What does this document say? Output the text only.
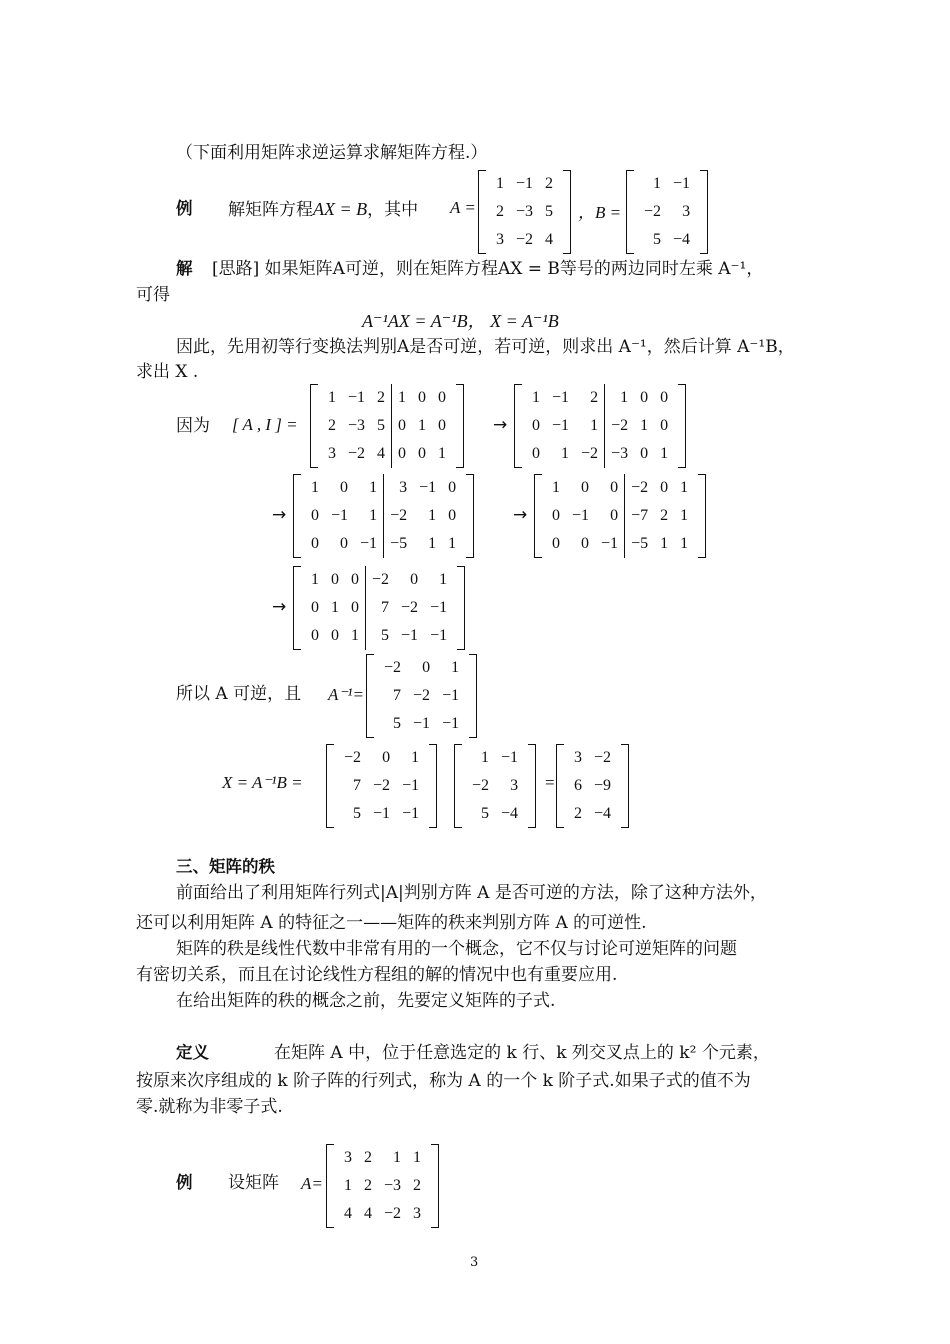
（下面利用矩阵求逆运算求解矩阵方程.）
例 解矩阵方程AX = B，其中 A =
1 −1 2
2 −3 5
3 −2 4
，B =
1 −1
−2	3
5 −4
解 [思路] 如果矩阵A可逆，则在矩阵方程AX = B等号的两边同时左乘 A⁻¹，
可得
A⁻¹AX = A⁻¹B， X = A⁻¹B
因此，先用初等行变换法判别A是否可逆，若可逆，则求出 A⁻¹，然后计算 A⁻¹B，
求出 X .
因为 [ A , I ] =
1 −1 2 1 0 0
2 −3 5 0 1 0
3 −2 4 0 0 1
→
1 −1	2	1 0 0
0 −1	1 −2 1 0
0	1 −2 −3 0 1
→
1	0	1	3 −1 0
0 −1	1 −2	1 0
0	0 −1 −5	1 1
→
1	0	0 −2 0 1
0 −1	0 −7 2 1
0	0 −1 −5 1 1
→
1 0 0 −2	0	1
0 1 0	7 −2 −1
0 0 1	5 −1 −1
所以 A 可逆，且 A⁻¹=
−2	0	1
7 −2 −1
5 −1 −1
X = A⁻¹B =
−2	0	1
7 −2 −1
5 −1 −1
1 −1
−2	3
5 −4
=
3 −2
6 −9
2 −4
三、矩阵的秩
前面给出了利用矩阵行列式|A|判别方阵 A 是否可逆的方法，除了这种方法外，
还可以利用矩阵 A 的特征之一——矩阵的秩来判别方阵 A 的可逆性.
矩阵的秩是线性代数中非常有用的一个概念，它不仅与讨论可逆矩阵的问题
有密切关系，而且在讨论线性方程组的解的情况中也有重要应用.
在给出矩阵的秩的概念之前，先要定义矩阵的子式.
定义	在矩阵 A 中，位于任意选定的 k 行、k 列交叉点上的 k² 个元素，
按原来次序组成的 k 阶子阵的行列式，称为 A 的一个 k 阶子式.如果子式的值不为
零.就称为非零子式.
例 设矩阵 A=
3 2	1 1
1 2 −3 2
4 4 −2 3
3
